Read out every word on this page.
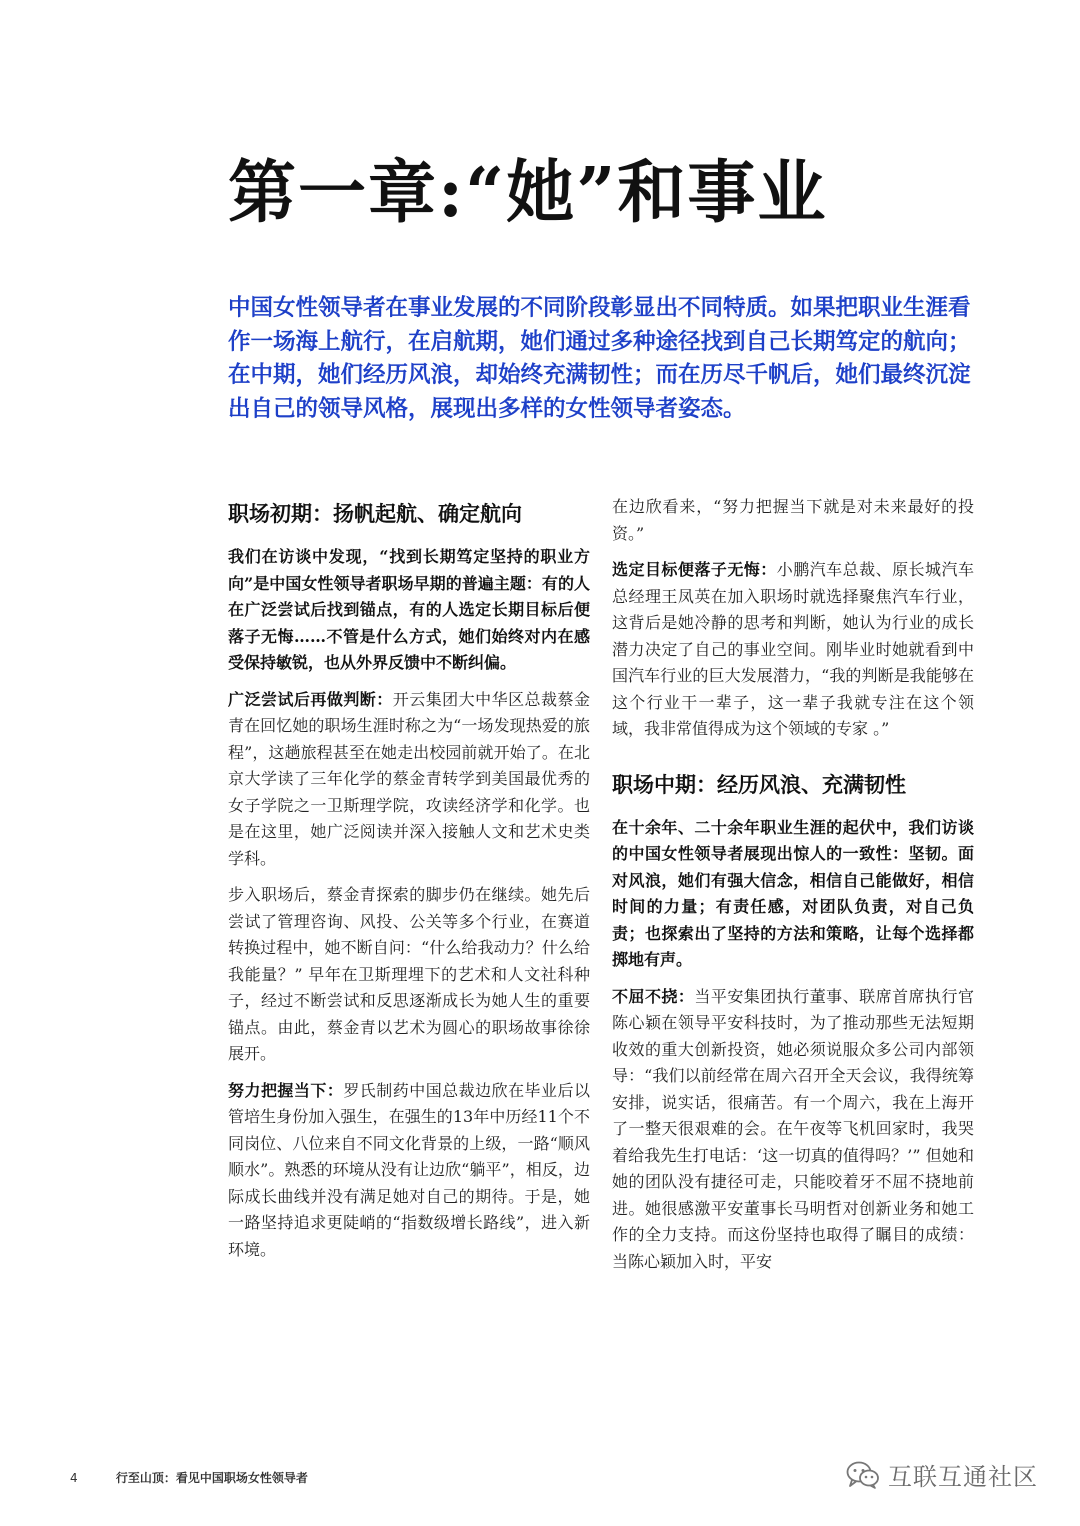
第一章:“她”和事业

中国女性领导者在事业发展的不同阶段彰显出不同特质。如果把职业生涯看作一场海上航行，在启航期，她们通过多种途径找到自己长期笃定的航向；在中期，她们经历风浪，却始终充满韧性；而在历尽千帆后，她们最终沉淀出自己的领导风格，展现出多样的女性领导者姿态。

职场初期：扬帆起航、确定航向

我们在访谈中发现，“找到长期笃定坚持的职业方向”是中国女性领导者职场早期的普遍主题：有的人在广泛尝试后找到锚点，有的人选定长期目标后便落子无悔……不管是什么方式，她们始终对内在感受保持敏锐，也从外界反馈中不断纠偏。

广泛尝试后再做判断：开云集团大中华区总裁蔡金青在回忆她的职场生涯时称之为“一场发现热爱的旅程”，这趟旅程甚至在她走出校园前就开始了。在北京大学读了三年化学的蔡金青转学到美国最优秀的女子学院之一卫斯理学院，攻读经济学和化学。也是在这里，她广泛阅读并深入接触人文和艺术史类学科。

步入职场后，蔡金青探索的脚步仍在继续。她先后尝试了管理咨询、风投、公关等多个行业，在赛道转换过程中，她不断自问：“什么给我动力？什么给我能量？” 早年在卫斯理埋下的艺术和人文社科种子，经过不断尝试和反思逐渐成长为她人生的重要锚点。由此，蔡金青以艺术为圆心的职场故事徐徐展开。

努力把握当下：罗氏制药中国总裁边欣在毕业后以管培生身份加入强生，在强生的13年中历经11个不同岗位、八位来自不同文化背景的上级，一路“顺风顺水”。熟悉的环境从没有让边欣“躺平”，相反，边际成长曲线并没有满足她对自己的期待。于是，她一路坚持追求更陡峭的“指数级增长路线”，进入新环境。

在边欣看来，“努力把握当下就是对未来最好的投资。”

选定目标便落子无悔：小鹏汽车总裁、原长城汽车总经理王凤英在加入职场时就选择聚焦汽车行业，这背后是她冷静的思考和判断，她认为行业的成长潜力决定了自己的事业空间。刚毕业时她就看到中国汽车行业的巨大发展潜力，“我的判断是我能够在这个行业干一辈子，这一辈子我就专注在这个领域，我非常值得成为这个领域的专家 。”

职场中期：经历风浪、充满韧性

在十余年、二十余年职业生涯的起伏中，我们访谈的中国女性领导者展现出惊人的一致性：坚韧。面对风浪，她们有强大信念，相信自己能做好，相信时间的力量；有责任感，对团队负责，对自己负责；也探索出了坚持的方法和策略，让每个选择都掷地有声。

不屈不挠：当平安集团执行董事、联席首席执行官陈心颖在领导平安科技时，为了推动那些无法短期收效的重大创新投资，她必须说服众多公司内部领导：“我们以前经常在周六召开全天会议，我得统筹安排，说实话，很痛苦。有一个周六，我在上海开了一整天很艰难的会。在午夜等飞机回家时，我哭着给我先生打电话：‘这一切真的值得吗？’” 但她和她的团队没有捷径可走，只能咬着牙不屈不挠地前进。她很感激平安董事长马明哲对创新业务和她工作的全力支持。而这份坚持也取得了瞩目的成绩：当陈心颖加入时，平安

4	行至山顶：看见中国职场女性领导者	互联互通社区
